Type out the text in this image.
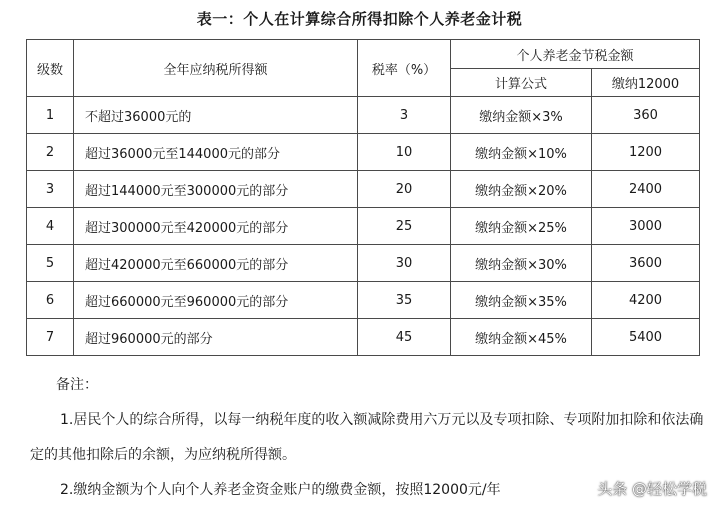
表一：个人在计算综合所得扣除个人养老金计税
级数	全年应纳税所得额	税率（%）	个人养老金节税金额	
			计算公式	缴纳12000
1	不超过36000元的	3	缴纳金额×3%	360
2	超过36000元至144000元的部分	10	缴纳金额×10%	1200
3	超过144000元至300000元的部分	20	缴纳金额×20%	2400
4	超过300000元至420000元的部分	25	缴纳金额×25%	3000
5	超过420000元至660000元的部分	30	缴纳金额×30%	3600
6	超过660000元至960000元的部分	35	缴纳金额×35%	4200
7	超过960000元的部分	45	缴纳金额×45%	5400

备注：

1.居民个人的综合所得，以每一纳税年度的收入额减除费用六万元以及专项扣除、专项附加扣除和依法确定的其他扣除后的余额，为应纳税所得额。

2.缴纳金额为个人向个人养老金资金账户的缴费金额，按照12000元/年	头条 @轻松学税
